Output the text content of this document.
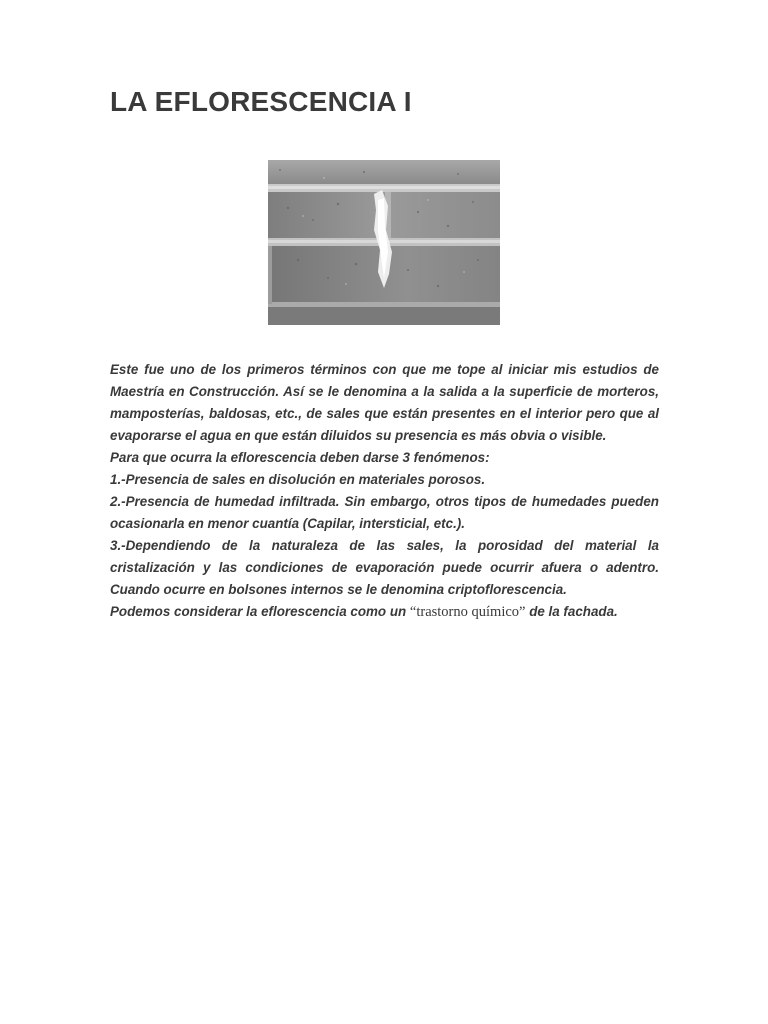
LA EFLORESCENCIA I

Este fue uno de los primeros términos con que me tope al iniciar mis estudios de Maestría en Construcción. Así se le denomina a la salida a la superficie de morteros, mamposterías, baldosas, etc., de sales que están presentes en el interior pero que al evaporarse el agua en que están diluidos su presencia es más obvia o visible.

Para que ocurra la eflorescencia deben darse 3 fenómenos:

1.-Presencia de sales en disolución en materiales porosos.

2.-Presencia de humedad infiltrada. Sin embargo, otros tipos de humedades pueden ocasionarla en menor cuantía (Capilar, intersticial, etc.).

3.-Dependiendo de la naturaleza de las sales, la porosidad del material la cristalización y las condiciones de evaporación puede ocurrir afuera o adentro. Cuando ocurre en bolsones internos se le denomina criptoflorescencia.

Podemos considerar la eflorescencia como un “trastorno químico” de la fachada.
